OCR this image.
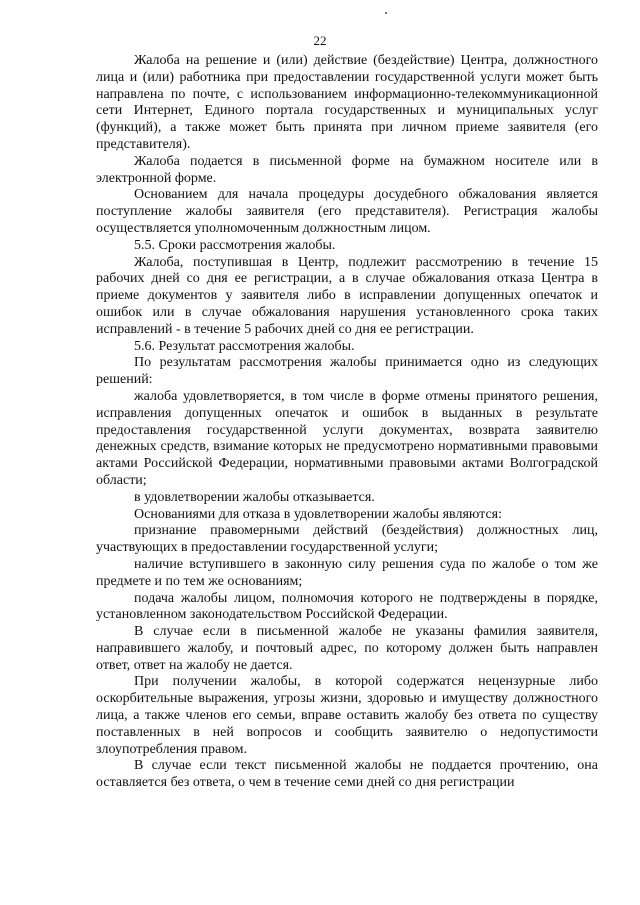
22

Жалоба на решение и (или) действие (бездействие) Центра, должностного лица и (или) работника при предоставлении государственной услуги может быть направлена по почте, с использованием информационно-телекоммуникационной сети Интернет, Единого портала государственных и муниципальных услуг (функций), а также может быть принята при личном приеме заявителя (его представителя).

Жалоба подается в письменной форме на бумажном носителе или в электронной форме.

Основанием для начала процедуры досудебного обжалования является поступление жалобы заявителя (его представителя). Регистрация жалобы осуществляется уполномоченным должностным лицом.

5.5. Сроки рассмотрения жалобы.

Жалоба, поступившая в Центр, подлежит рассмотрению в течение 15 рабочих дней со дня ее регистрации, а в случае обжалования отказа Центра в приеме документов у заявителя либо в исправлении допущенных опечаток и ошибок или в случае обжалования нарушения установленного срока таких исправлений - в течение 5 рабочих дней со дня ее регистрации.

5.6. Результат рассмотрения жалобы.

По результатам рассмотрения жалобы принимается одно из следующих решений:

жалоба удовлетворяется, в том числе в форме отмены принятого решения, исправления допущенных опечаток и ошибок в выданных в результате предоставления государственной услуги документах, возврата заявителю денежных средств, взимание которых не предусмотрено нормативными правовыми актами Российской Федерации, нормативными правовыми актами Волгоградской области;

в удовлетворении жалобы отказывается.

Основаниями для отказа в удовлетворении жалобы являются:

признание правомерными действий (бездействия) должностных лиц, участвующих в предоставлении государственной услуги;

наличие вступившего в законную силу решения суда по жалобе о том же предмете и по тем же основаниям;

подача жалобы лицом, полномочия которого не подтверждены в порядке, установленном законодательством Российской Федерации.

В случае если в письменной жалобе не указаны фамилия заявителя, направившего жалобу, и почтовый адрес, по которому должен быть направлен ответ, ответ на жалобу не дается.

При получении жалобы, в которой содержатся нецензурные либо оскорбительные выражения, угрозы жизни, здоровью и имуществу должностного лица, а также членов его семьи, вправе оставить жалобу без ответа по существу поставленных в ней вопросов и сообщить заявителю о недопустимости злоупотребления правом.

В случае если текст письменной жалобы не поддается прочтению, она оставляется без ответа, о чем в течение семи дней со дня регистрации
